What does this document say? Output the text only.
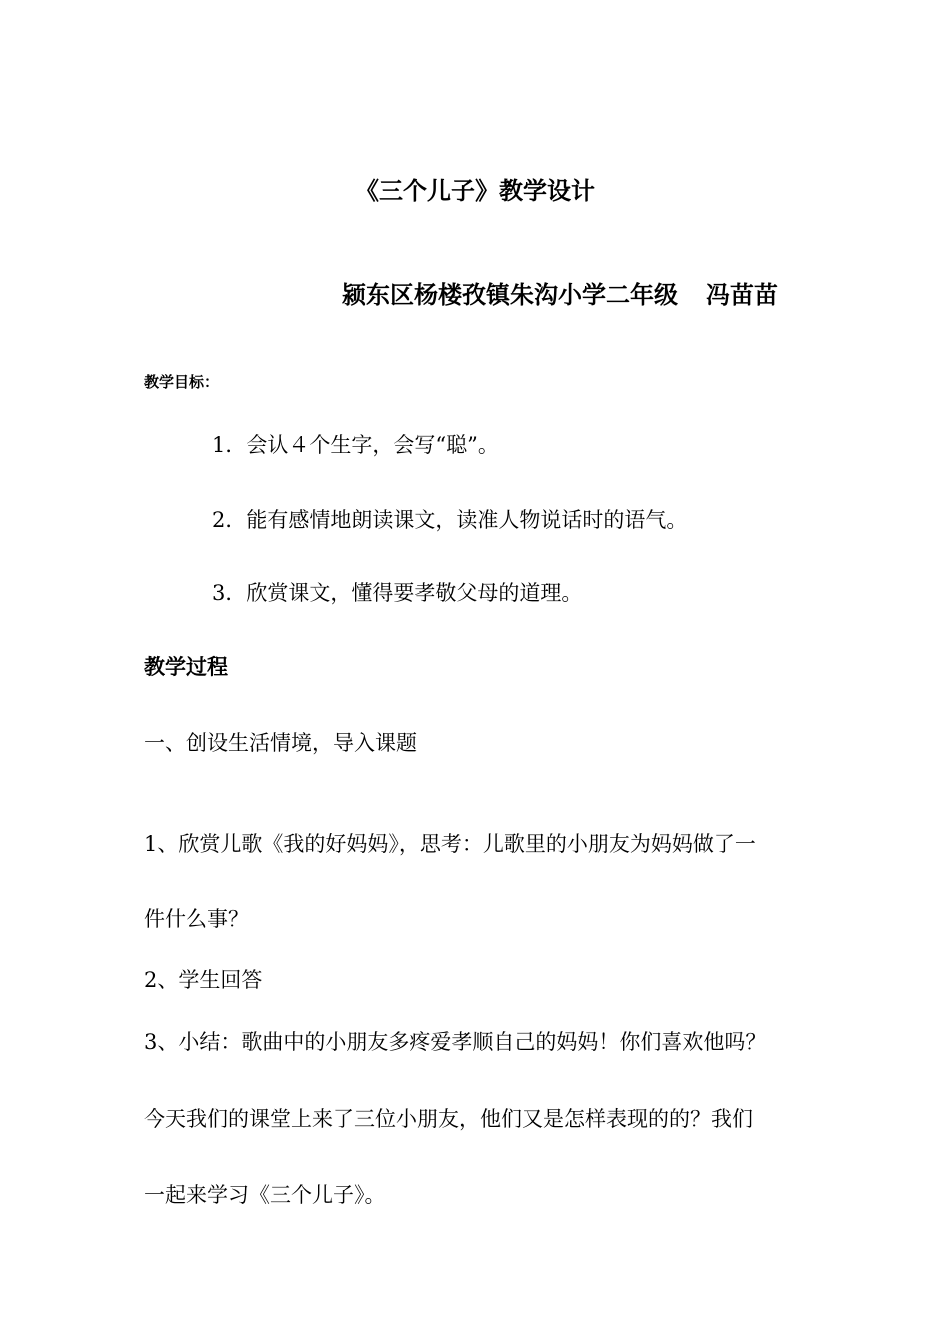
《三个儿子》教学设计
颍东区杨楼孜镇朱沟小学二年级 冯苗苗
教学目标：
1．会认４个生字，会写“聪”。
2．能有感情地朗读课文，读准人物说话时的语气。
3．欣赏课文，懂得要孝敬父母的道理。
教学过程
一、创设生活情境，导入课题
1、欣赏儿歌《我的好妈妈》，思考：儿歌里的小朋友为妈妈做了一
件什么事？
2、学生回答
3、小结：歌曲中的小朋友多疼爱孝顺自己的妈妈！你们喜欢他吗？
今天我们的课堂上来了三位小朋友，他们又是怎样表现的的？我们
一起来学习《三个儿子》。
